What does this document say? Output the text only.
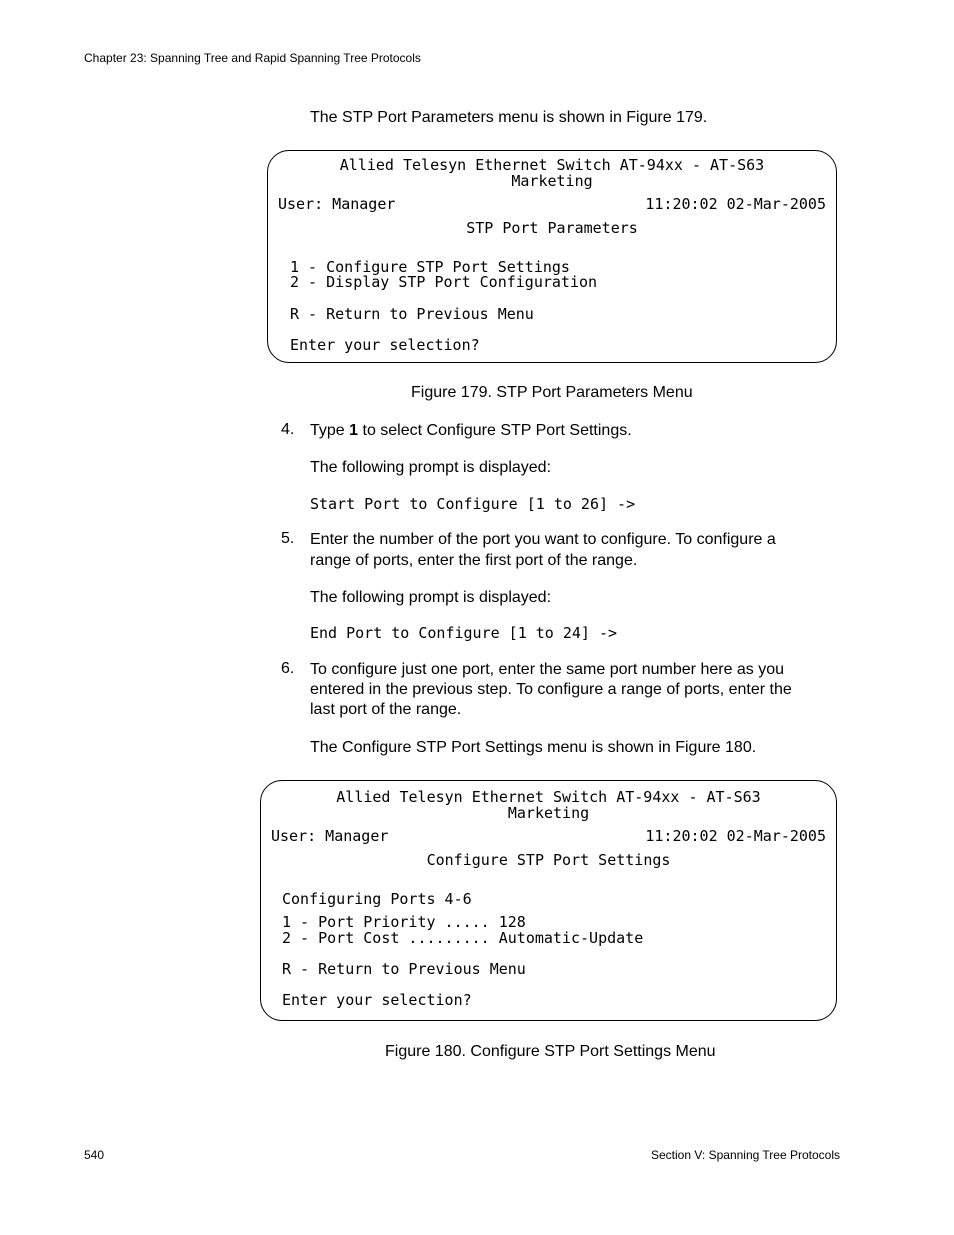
Chapter 23: Spanning Tree and Rapid Spanning Tree Protocols
The STP Port Parameters menu is shown in Figure 179.
Allied Telesyn Ethernet Switch AT-94xx - AT-S63
Marketing
User: Manager	11:20:02 02-Mar-2005
STP Port Parameters
1 - Configure STP Port Settings
2 - Display STP Port Configuration
R - Return to Previous Menu
Enter your selection?
Figure 179. STP Port Parameters Menu
4. Type 1 to select Configure STP Port Settings.
The following prompt is displayed:
Start Port to Configure [1 to 26] ->
5. Enter the number of the port you want to configure. To configure a
range of ports, enter the first port of the range.
The following prompt is displayed:
End Port to Configure [1 to 24] ->
6. To configure just one port, enter the same port number here as you
entered in the previous step. To configure a range of ports, enter the
last port of the range.
The Configure STP Port Settings menu is shown in Figure 180.
Allied Telesyn Ethernet Switch AT-94xx - AT-S63
Marketing
User: Manager	11:20:02 02-Mar-2005
Configure STP Port Settings
Configuring Ports 4-6
1 - Port Priority ..... 128
2 - Port Cost ......... Automatic-Update
R - Return to Previous Menu
Enter your selection?
Figure 180. Configure STP Port Settings Menu
540	Section V: Spanning Tree Protocols
